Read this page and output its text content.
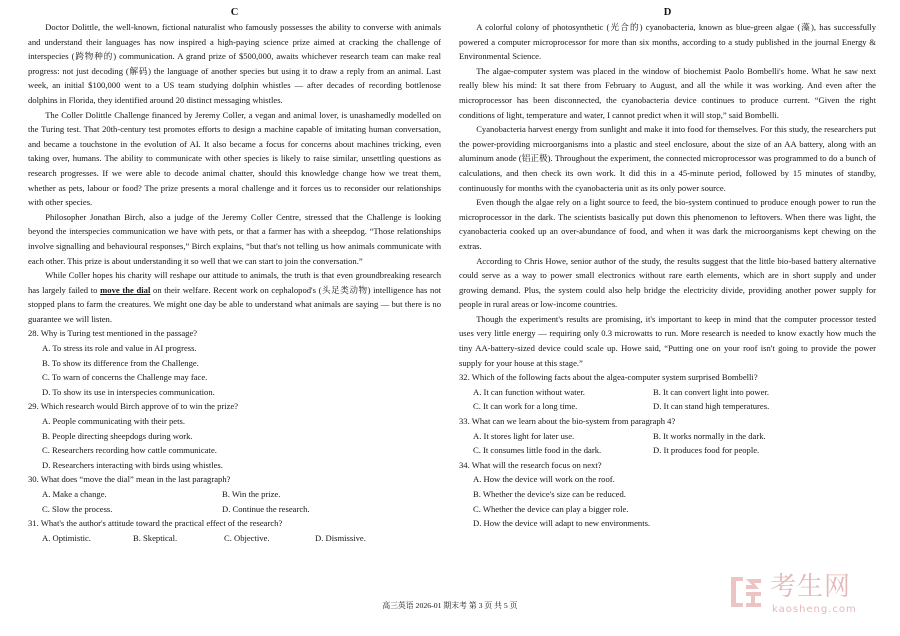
C

Doctor Dolittle, the well-known, fictional naturalist who famously possesses the ability to converse with animals and understand their languages has now inspired a high-paying science prize aimed at cracking the challenge of interspecies (跨物种的) communication. A grand prize of $500,000, awaits whichever research team can make real progress: not just decoding (解码) the language of another species but using it to draw a reply from an animal. Last week, an initial $100,000 went to a US team studying dolphin whistles — after decades of recording bottlenose dolphins in Florida, they identified around 20 distinct messaging whistles.

The Coller Dolittle Challenge financed by Jeremy Coller, a vegan and animal lover, is unashamedly modelled on the Turing test. That 20th-century test promotes efforts to design a machine capable of imitating human conversation, and became a touchstone in the evolution of AI. It also became a focus for concerns about machines tricking, even taking over, humans. The ability to communicate with other species is likely to raise similar, unsettling questions as research progresses. If we were able to decode animal chatter, should this knowledge change how we treat them, whether as pets, labour or food? The prize presents a moral challenge and it forces us to reconsider our relationships with other species.

Philosopher Jonathan Birch, also a judge of the Jeremy Coller Centre, stressed that the Challenge is looking beyond the interspecies communication we have with pets, or that a farmer has with a sheepdog. “Those relationships involve signalling and behavioural responses,” Birch explains, “but that's not telling us how animals communicate with each other. This prize is about understanding it so well that we can start to join the conversation.”

While Coller hopes his charity will reshape our attitude to animals, the truth is that even groundbreaking research has largely failed to move the dial on their welfare. Recent work on cephalopod's (头足类动物) intelligence has not stopped plans to farm the creatures. We might one day be able to understand what animals are saying — but there is no guarantee we will listen.

28. Why is Turing test mentioned in the passage?
A. To stress its role and value in AI progress.
B. To show its difference from the Challenge.
C. To warn of concerns the Challenge may face.
D. To show its use in interspecies communication.
29. Which research would Birch approve of to win the prize?
A. People communicating with their pets.
B. People directing sheepdogs during work.
C. Researchers recording how cattle communicate.
D. Researchers interacting with birds using whistles.
30. What does “move the dial” mean in the last paragraph?
A. Make a change.	B. Win the prize.
C. Slow the process.	D. Continue the research.
31. What's the author's attitude toward the practical effect of the research?
A. Optimistic.	B. Skeptical.	C. Objective.	D. Dismissive.
D

A colorful colony of photosynthetic (光合的) cyanobacteria, known as blue-green algae (藻), has successfully powered a computer microprocessor for more than six months, according to a study published in the journal Energy & Environmental Science.

The algae-computer system was placed in the window of biochemist Paolo Bombelli's home. What he saw next really blew his mind: It sat there from February to August, and all the while it was working. And even after the microprocessor has been disconnected, the cyanobacteria device continues to produce current. “Given the right conditions of light, temperature and water, I cannot predict when it will stop,” said Bombelli.

Cyanobacteria harvest energy from sunlight and make it into food for themselves. For this study, the researchers put the power-providing microorganisms into a plastic and steel enclosure, about the size of an AA battery, along with an aluminum anode (铝正极). Throughout the experiment, the connected microprocessor was programmed to do a bunch of calculations, and then check its own work. It did this in a 45-minute period, followed by 15 minutes of standby, continuously for months with the cyanobacteria unit as its only power source.

Even though the algae rely on a light source to feed, the bio-system continued to produce enough power to run the microprocessor in the dark. The scientists basically put down this phenomenon to leftovers. When there was light, the cyanobacteria cooked up an over-abundance of food, and when it was dark the microorganisms kept chewing on the extras.

According to Chris Howe, senior author of the study, the results suggest that the little bio-based battery alternative could serve as a way to power small electronics without rare earth elements, which are in short supply and under growing demand. Plus, the system could also help bridge the electricity divide, providing another power supply for people in rural areas or low-income countries.

Though the experiment's results are promising, it's important to keep in mind that the computer processor tested uses very little energy — requiring only 0.3 microwatts to run. More research is needed to know exactly how much the tiny AA-battery-sized device could scale up. Howe said, “Putting one on your roof isn't going to provide the power supply for your house at this stage.”

32. Which of the following facts about the algea-computer system surprised Bombelli?
A. It can function without water.	B. It can convert light into power.
C. It can work for a long time.	D. It can stand high temperatures.
33. What can we learn about the bio-system from paragraph 4?
A. It stores light for later use.	B. It works normally in the dark.
C. It consumes little food in the dark.	D. It produces food for people.
34. What will the research focus on next?
A. How the device will work on the roof.
B. Whether the device's size can be reduced.
C. Whether the device can play a bigger role.
D. How the device will adapt to new environments.
高三英语 2026-01 期末考 第 3 页 共 5 页
考生网
kaosheng.com
